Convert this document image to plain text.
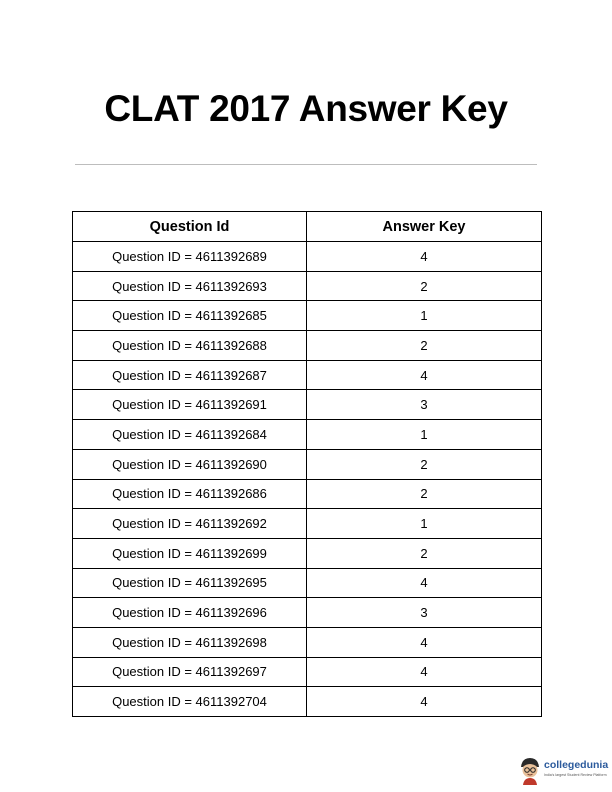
CLAT 2017 Answer Key
Question Id	Answer Key
Question ID = 4611392689	4
Question ID = 4611392693	2
Question ID = 4611392685	1
Question ID = 4611392688	2
Question ID = 4611392687	4
Question ID = 4611392691	3
Question ID = 4611392684	1
Question ID = 4611392690	2
Question ID = 4611392686	2
Question ID = 4611392692	1
Question ID = 4611392699	2
Question ID = 4611392695	4
Question ID = 4611392696	3
Question ID = 4611392698	4
Question ID = 4611392697	4
Question ID = 4611392704	4
collegedunia
India's largest Student Review Platform
